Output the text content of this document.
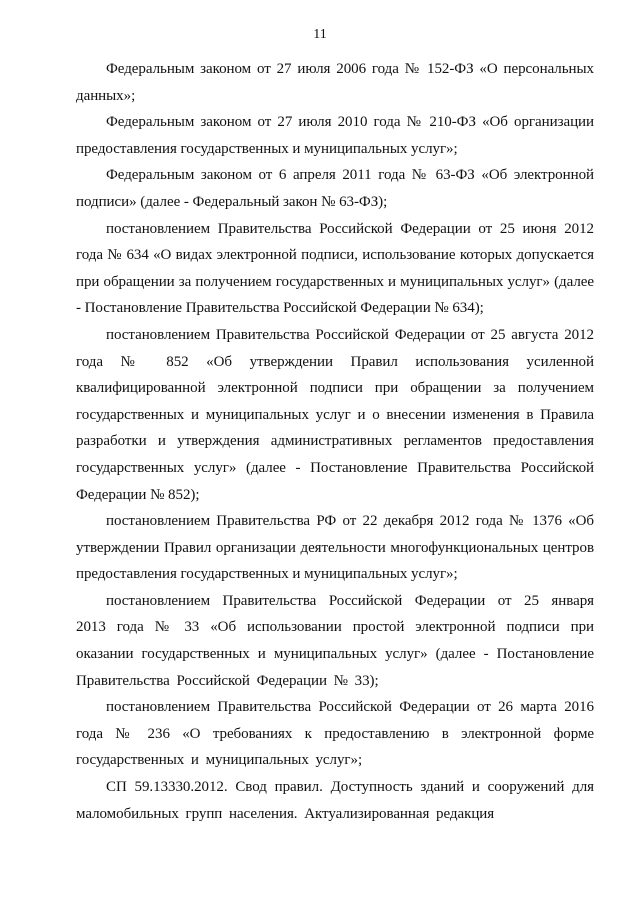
11

Федеральным законом от 27 июля 2006 года № 152-ФЗ «О персональных данных»;

Федеральным законом от 27 июля 2010 года № 210-ФЗ «Об организации предоставления государственных и муниципальных услуг»;

Федеральным законом от 6 апреля 2011 года № 63-ФЗ «Об электронной подписи» (далее - Федеральный закон № 63-ФЗ);

постановлением Правительства Российской Федерации от 25 июня 2012 года № 634 «О видах электронной подписи, использование которых допускается при обращении за получением государственных и муниципальных услуг» (далее - Постановление Правительства Российской Федерации № 634);

постановлением Правительства Российской Федерации от 25 августа 2012 года № 852 «Об утверждении Правил использования усиленной квалифицированной электронной подписи при обращении за получением государственных и муниципальных услуг и о внесении изменения в Правила разработки и утверждения административных регламентов предоставления государственных услуг» (далее - Постановление Правительства Российской Федерации № 852);

постановлением Правительства РФ от 22 декабря 2012 года № 1376 «Об утверждении Правил организации деятельности многофункциональных центров предоставления государственных и муниципальных услуг»;

постановлением Правительства Российской Федерации от 25 января 2013 года № 33 «Об использовании простой электронной подписи при оказании государственных и муниципальных услуг» (далее - Постановление Правительства Российской Федерации № 33);

постановлением Правительства Российской Федерации от 26 марта 2016 года № 236 «О требованиях к предоставлению в электронной форме государственных и муниципальных услуг»;

СП 59.13330.2012. Свод правил. Доступность зданий и сооружений для маломобильных групп населения. Актуализированная редакция
